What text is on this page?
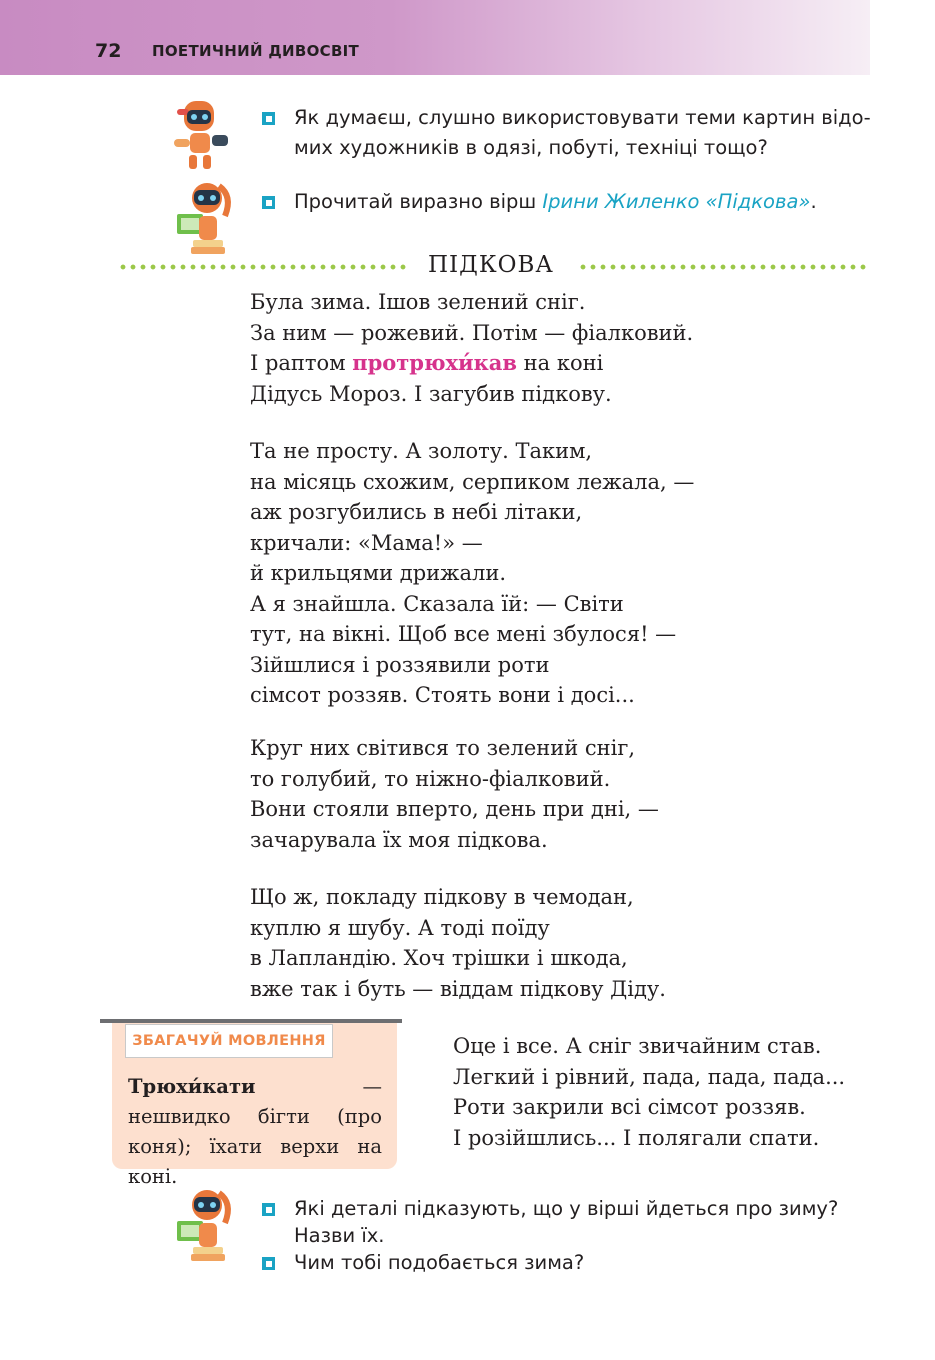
72 ПОЕТИЧНИЙ ДИВОСВІТ
Як думаєш, слушно використовувати теми картин відо-
мих художників в одязі, побуті, техніці тощо?
Прочитай виразно вірш Ірини Жиленко «Підкова».
ПІДКОВА
Була зима. Ішов зелений сніг.
За ним — рожевий. Потім — фіалковий.
І раптом протрюхи́кав на коні
Дідусь Мороз. І загубив підкову.
Та не просту. А золоту. Таким,
на місяць схожим, серпиком лежала, —
аж розгубились в небі літаки,
кричали: «Мама!» —
й крильцями дрижали.
А я знайшла. Сказала їй: — Світи
тут, на вікні. Щоб все мені збулося! —
Зійшлися і роззявили роти
сімсот роззяв. Стоять вони і досі...
Круг них світився то зелений сніг,
то голубий, то ніжно-фіалковий.
Вони стояли вперто, день при дні, —
зачарувала їх моя підкова.
Що ж, покладу підкову в чемодан,
куплю я шубу. А тоді поїду
в Лапландію. Хоч трішки і шкода,
вже так і буть — віддам підкову Діду.
ЗБАГАЧУЙ МОВЛЕННЯ
Трюхи́кати — нешвидко бігти (про коня); їхати верхи на коні.
Оце і все. А сніг звичайним став.
Легкий і рівний, пада, пада, пада...
Роти закрили всі сімсот роззяв.
І розійшлись... І полягали спати.
Які деталі підказують, що у вірші йдеться про зиму?
Назви їх.
Чим тобі подобається зима?
